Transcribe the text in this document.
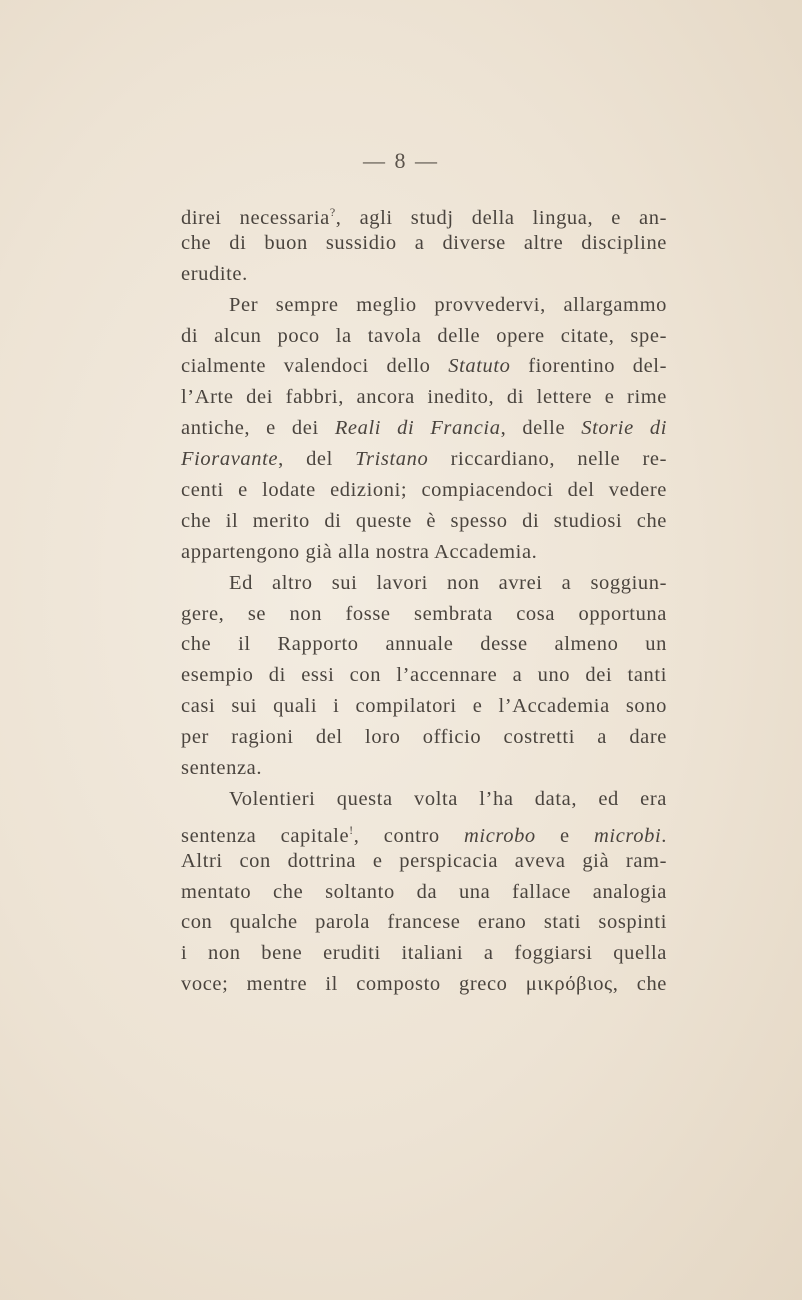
— 8 —
direi necessaria?, agli studj della lingua, e an-
che di buon sussidio a diverse altre discipline
erudite.
Per sempre meglio provvedervi, allargammo
di alcun poco la tavola delle opere citate, spe-
cialmente valendoci dello Statuto fiorentino del-
l’Arte dei fabbri, ancora inedito, di lettere e rime
antiche, e dei Reali di Francia, delle Storie di
Fioravante, del Tristano riccardiano, nelle re-
centi e lodate edizioni; compiacendoci del vedere
che il merito di queste è spesso di studiosi che
appartengono già alla nostra Accademia.
Ed altro sui lavori non avrei a soggiun-
gere, se non fosse sembrata cosa opportuna
che il Rapporto annuale desse almeno un
esempio di essi con l’accennare a uno dei tanti
casi sui quali i compilatori e l’Accademia sono
per ragioni del loro officio costretti a dare
sentenza.
Volentieri questa volta l’ha data, ed era
sentenza capitale!, contro microbo e microbi.
Altri con dottrina e perspicacia aveva già ram-
mentato che soltanto da una fallace analogia
con qualche parola francese erano stati sospinti
i non bene eruditi italiani a foggiarsi quella
voce; mentre il composto greco μικρόβιος, che
